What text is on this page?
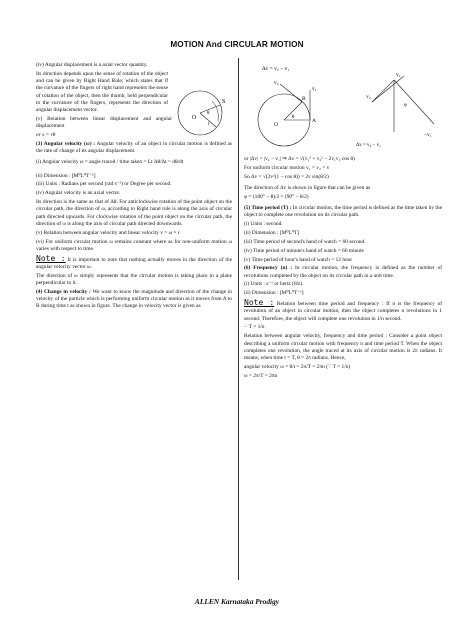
MOTION And CIRCULAR MOTION
(iv) Angular displacement is a axial vector quantity.
S
θ
O
r
Its direction depends upon the sense of rotation of the object and can be given by Right Hand Rule; which states that if the curvature of the fingers of right hand represents the sense of rotation of the object, then the thumb, held perpendicular to the curvature of the fingers, represents the direction of angular displacement vector.
(v) Relation between linear displacement and angular displacement
or s = rθ
(3) Angular velocity (ω) : Angular velocity of an object in circular motion is defined as the rate of change of its angular displacement.
(i) Angular velocity ω = angle traced / time taken = Lt Δθ/Δt = dθ/dt
(ii) Dimension : [M⁰L⁰T⁻¹]
(iii) Units : Radians per second (rad s⁻¹) or Degree per second.
(iv) Angular velocity is an axial vector.
Its direction is the same as that of Δθ. For anticlockwise rotation of the point object on the circular path, the direction of ω, according to Right hand rule is along the axis of circular path directed upwards. For clockwise rotation of the point object on the circular path, the direction of ω is along the axis of circular path directed downwards.
(v) Relation between angular velocity and linear velocity v = ω × r
(vi) For uniform circular motion ω remains constant where as for non-uniform motion ω varies with respect to time.
Note : It is important to note that nothing actually moves in the direction of the angular velocity vector ω.
The direction of ω simply represents that the circular motion is taking place in a plane perpendicular to it.
(4) Change in velocity : We want to know the magnitude and direction of the change in velocity of the particle which is performing uniform circular motion as it moves from A to B during time t as shown in figure. The change in velocity vector is given as
Δv = v₂ − v₁
O
A
B
v₁
v₂
θ
v₁
v₂
φ
Δv = v₂ − v₁
−v₁
or |Δv| = |v₂ − v₁| ⇒ Δv = √(v₁² + v₂² − 2v₁v₂ cos θ)
For uniform circular motion v₁ = v₂ = v
So Δv = √(2v²(1 − cos θ)) = 2v sin(θ/2)
The direction of Δv is shown in figure that can be given as
φ = (180° − θ)/2 = (90° − θ/2)
(5) Time period (T) : In circular motion, the time period is defined as the time taken by the object to complete one revolution on its circular path.
(i) Units : second.
(ii) Dimension : [M⁰L⁰T]
(iii) Time period of second's hand of watch = 60 second.
(iv) Time period of minute's hand of watch = 60 minute
(v) Time period of hour's hand of watch = 12 hour
(6) Frequency (n) : In circular motion, the frequency is defined as the number of revolutions completed by the object on its circular path in a unit time.
(i) Units : s⁻¹ or hertz (Hz).
(ii) Dimension : [M⁰L⁰T⁻¹]
Note : Relation between time period and frequency : If n is the frequency of revolution of an object in circular motion, then the object completes n revolutions in 1 second. Therefore, the object will complete one revolution in 1/n second.
∴ T = 1/n
Relation between angular velocity, frequency and time period : Consider a point object describing a uniform circular motion with frequency n and time period T. When the object completes one revolution, the angle traced at its axis of circular motion is 2π radians. It means, when time t = T, θ = 2π radians. Hence,
angular velocity ω = θ/t = 2π/T = 2πn (∵ T = 1/n)
ω = 2π/T = 2πn
ALLEN Karnataka Prodigy
